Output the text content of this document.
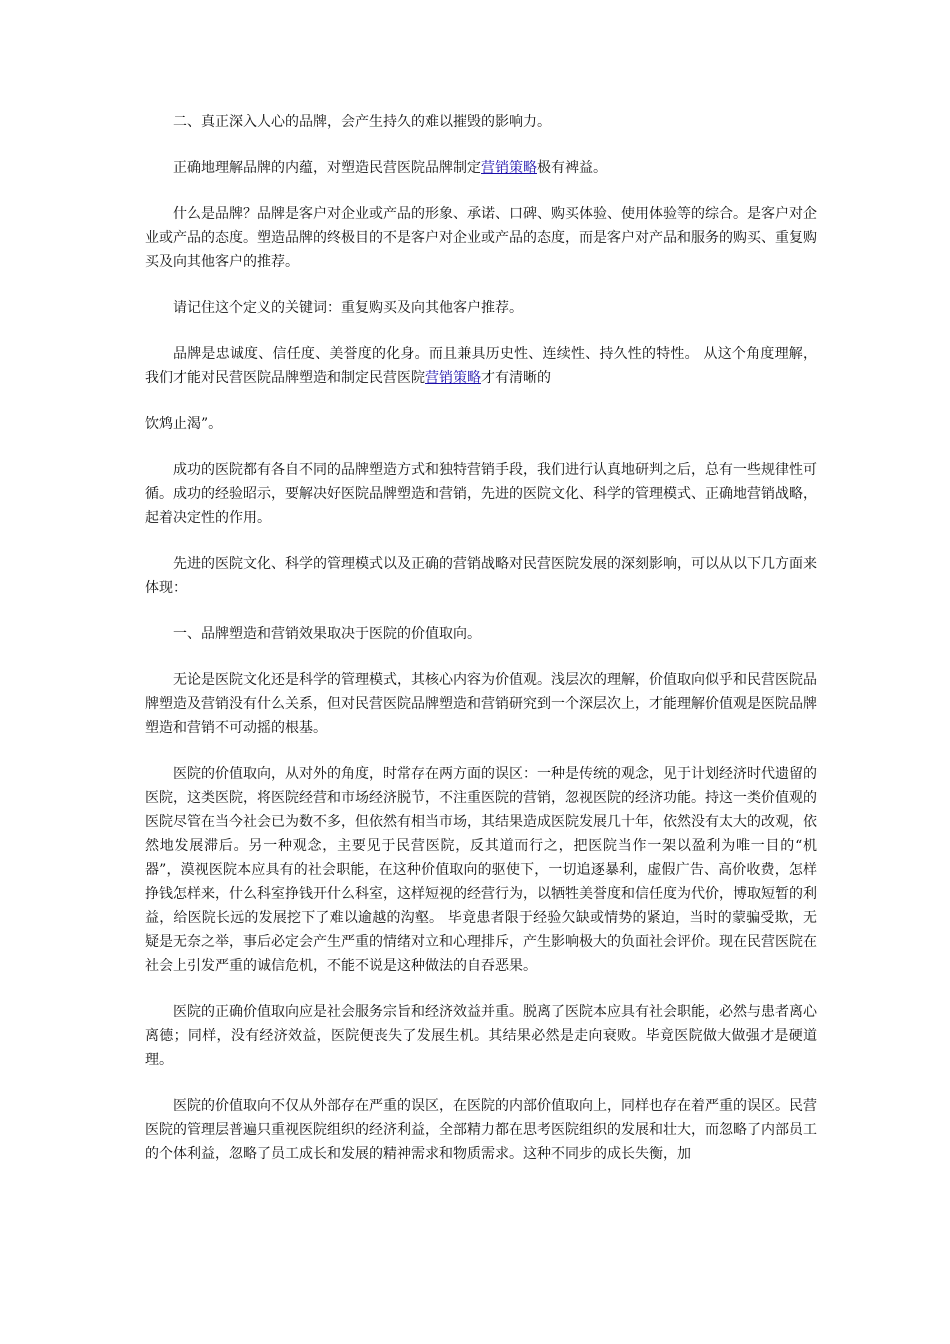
二、真正深入人心的品牌，会产生持久的难以摧毁的影响力。

正确地理解品牌的内蕴，对塑造民营医院品牌制定营销策略极有裨益。

什么是品牌？品牌是客户对企业或产品的形象、承诺、口碑、购买体验、使用体验等的综合。是客户对企业或产品的态度。塑造品牌的终极目的不是客户对企业或产品的态度，而是客户对产品和服务的购买、重复购买及向其他客户的推荐。

请记住这个定义的关键词：重复购买及向其他客户推荐。

品牌是忠诚度、信任度、美誉度的化身。而且兼具历史性、连续性、持久性的特性。 从这个角度理解，我们才能对民营医院品牌塑造和制定民营医院营销策略才有清晰的

饮鸩止渴”。

成功的医院都有各自不同的品牌塑造方式和独特营销手段，我们进行认真地研判之后，总有一些规律性可循。成功的经验昭示，要解决好医院品牌塑造和营销，先进的医院文化、科学的管理模式、正确地营销战略，起着决定性的作用。

先进的医院文化、科学的管理模式以及正确的营销战略对民营医院发展的深刻影响，可以从以下几方面来体现：

一、品牌塑造和营销效果取决于医院的价值取向。

无论是医院文化还是科学的管理模式，其核心内容为价值观。浅层次的理解，价值取向似乎和民营医院品牌塑造及营销没有什么关系，但对民营医院品牌塑造和营销研究到一个深层次上，才能理解价值观是医院品牌塑造和营销不可动摇的根基。

医院的价值取向，从对外的角度，时常存在两方面的误区：一种是传统的观念，见于计划经济时代遗留的医院，这类医院，将医院经营和市场经济脱节，不注重医院的营销，忽视医院的经济功能。持这一类价值观的医院尽管在当今社会已为数不多，但依然有相当市场，其结果造成医院发展几十年，依然没有太大的改观，依然地发展滞后。另一种观念，主要见于民营医院，反其道而行之，把医院当作一架以盈利为唯一目的“机器”，漠视医院本应具有的社会职能，在这种价值取向的驱使下，一切追逐暴利，虚假广告、高价收费，怎样挣钱怎样来，什么科室挣钱开什么科室，这样短视的经营行为，以牺牲美誉度和信任度为代价，博取短暂的利益，给医院长远的发展挖下了难以逾越的沟壑。 毕竟患者限于经验欠缺或情势的紧迫，当时的蒙骗受欺，无疑是无奈之举，事后必定会产生严重的情绪对立和心理排斥，产生影响极大的负面社会评价。现在民营医院在社会上引发严重的诚信危机，不能不说是这种做法的自吞恶果。

医院的正确价值取向应是社会服务宗旨和经济效益并重。脱离了医院本应具有社会职能，必然与患者离心离德；同样，没有经济效益，医院便丧失了发展生机。其结果必然是走向衰败。毕竟医院做大做强才是硬道理。

医院的价值取向不仅从外部存在严重的误区，在医院的内部价值取向上，同样也存在着严重的误区。民营医院的管理层普遍只重视医院组织的经济利益，全部精力都在思考医院组织的发展和壮大，而忽略了内部员工的个体利益，忽略了员工成长和发展的精神需求和物质需求。这种不同步的成长失衡，加
